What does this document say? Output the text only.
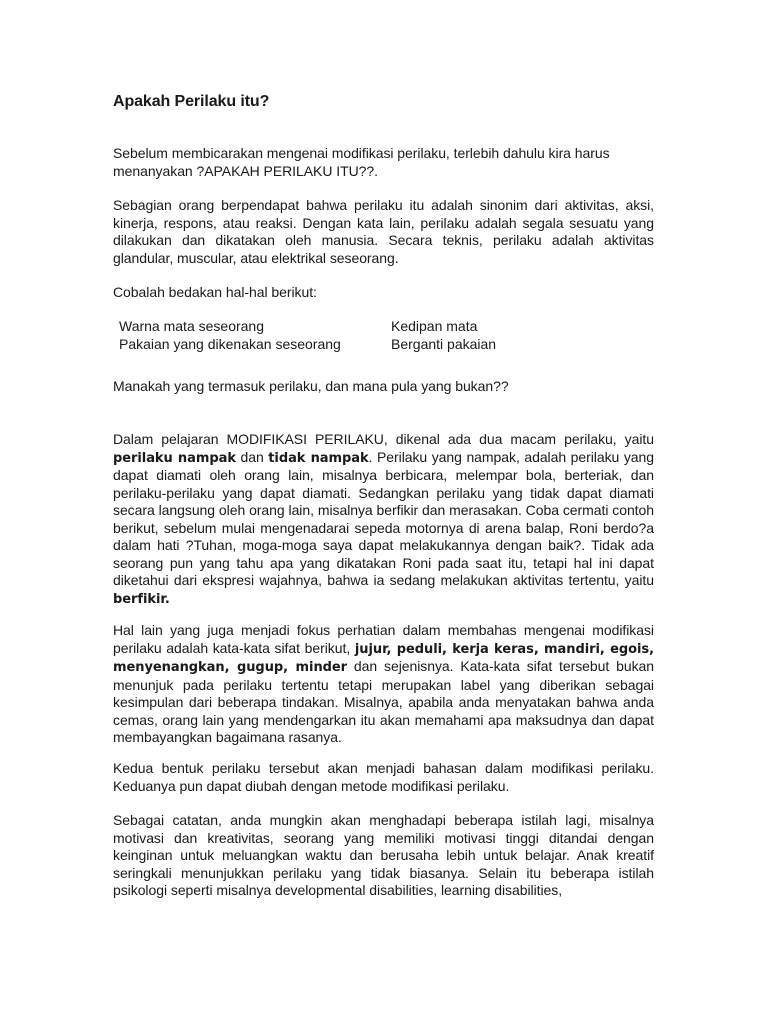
Apakah Perilaku itu?

Sebelum membicarakan mengenai modifikasi perilaku, terlebih dahulu kira harus menanyakan ?APAKAH PERILAKU ITU??.

Sebagian orang berpendapat bahwa perilaku itu adalah sinonim dari aktivitas, aksi, kinerja, respons, atau reaksi. Dengan kata lain, perilaku adalah segala sesuatu yang dilakukan dan dikatakan oleh manusia. Secara teknis, perilaku adalah aktivitas glandular, muscular, atau elektrikal seseorang.

Cobalah bedakan hal-hal berikut:

Warna mata seseorang	Kedipan mata
Pakaian yang dikenakan seseorang	Berganti pakaian

Manakah yang termasuk perilaku, dan mana pula yang bukan??

Dalam pelajaran MODIFIKASI PERILAKU, dikenal ada dua macam perilaku, yaitu perilaku nampak dan tidak nampak. Perilaku yang nampak, adalah perilaku yang dapat diamati oleh orang lain, misalnya berbicara, melempar bola, berteriak, dan perilaku-perilaku yang dapat diamati. Sedangkan perilaku yang tidak dapat diamati secara langsung oleh orang lain, misalnya berfikir dan merasakan. Coba cermati contoh berikut, sebelum mulai mengenadarai sepeda motornya di arena balap, Roni berdo?a dalam hati ?Tuhan, moga-moga saya dapat melakukannya dengan baik?. Tidak ada seorang pun yang tahu apa yang dikatakan Roni pada saat itu, tetapi hal ini dapat diketahui dari ekspresi wajahnya, bahwa ia sedang melakukan aktivitas tertentu, yaitu berfikir.

Hal lain yang juga menjadi fokus perhatian dalam membahas mengenai modifikasi perilaku adalah kata-kata sifat berikut, jujur, peduli, kerja keras, mandiri, egois, menyenangkan, gugup, minder dan sejenisnya. Kata-kata sifat tersebut bukan menunjuk pada perilaku tertentu tetapi merupakan label yang diberikan sebagai kesimpulan dari beberapa tindakan. Misalnya, apabila anda menyatakan bahwa anda cemas, orang lain yang mendengarkan itu akan memahami apa maksudnya dan dapat membayangkan bagaimana rasanya.

Kedua bentuk perilaku tersebut akan menjadi bahasan dalam modifikasi perilaku. Keduanya pun dapat diubah dengan metode modifikasi perilaku.

Sebagai catatan, anda mungkin akan menghadapi beberapa istilah lagi, misalnya motivasi dan kreativitas, seorang yang memiliki motivasi tinggi ditandai dengan keinginan untuk meluangkan waktu dan berusaha lebih untuk belajar. Anak kreatif seringkali menunjukkan perilaku yang tidak biasanya. Selain itu beberapa istilah psikologi seperti misalnya developmental disabilities, learning disabilities,
